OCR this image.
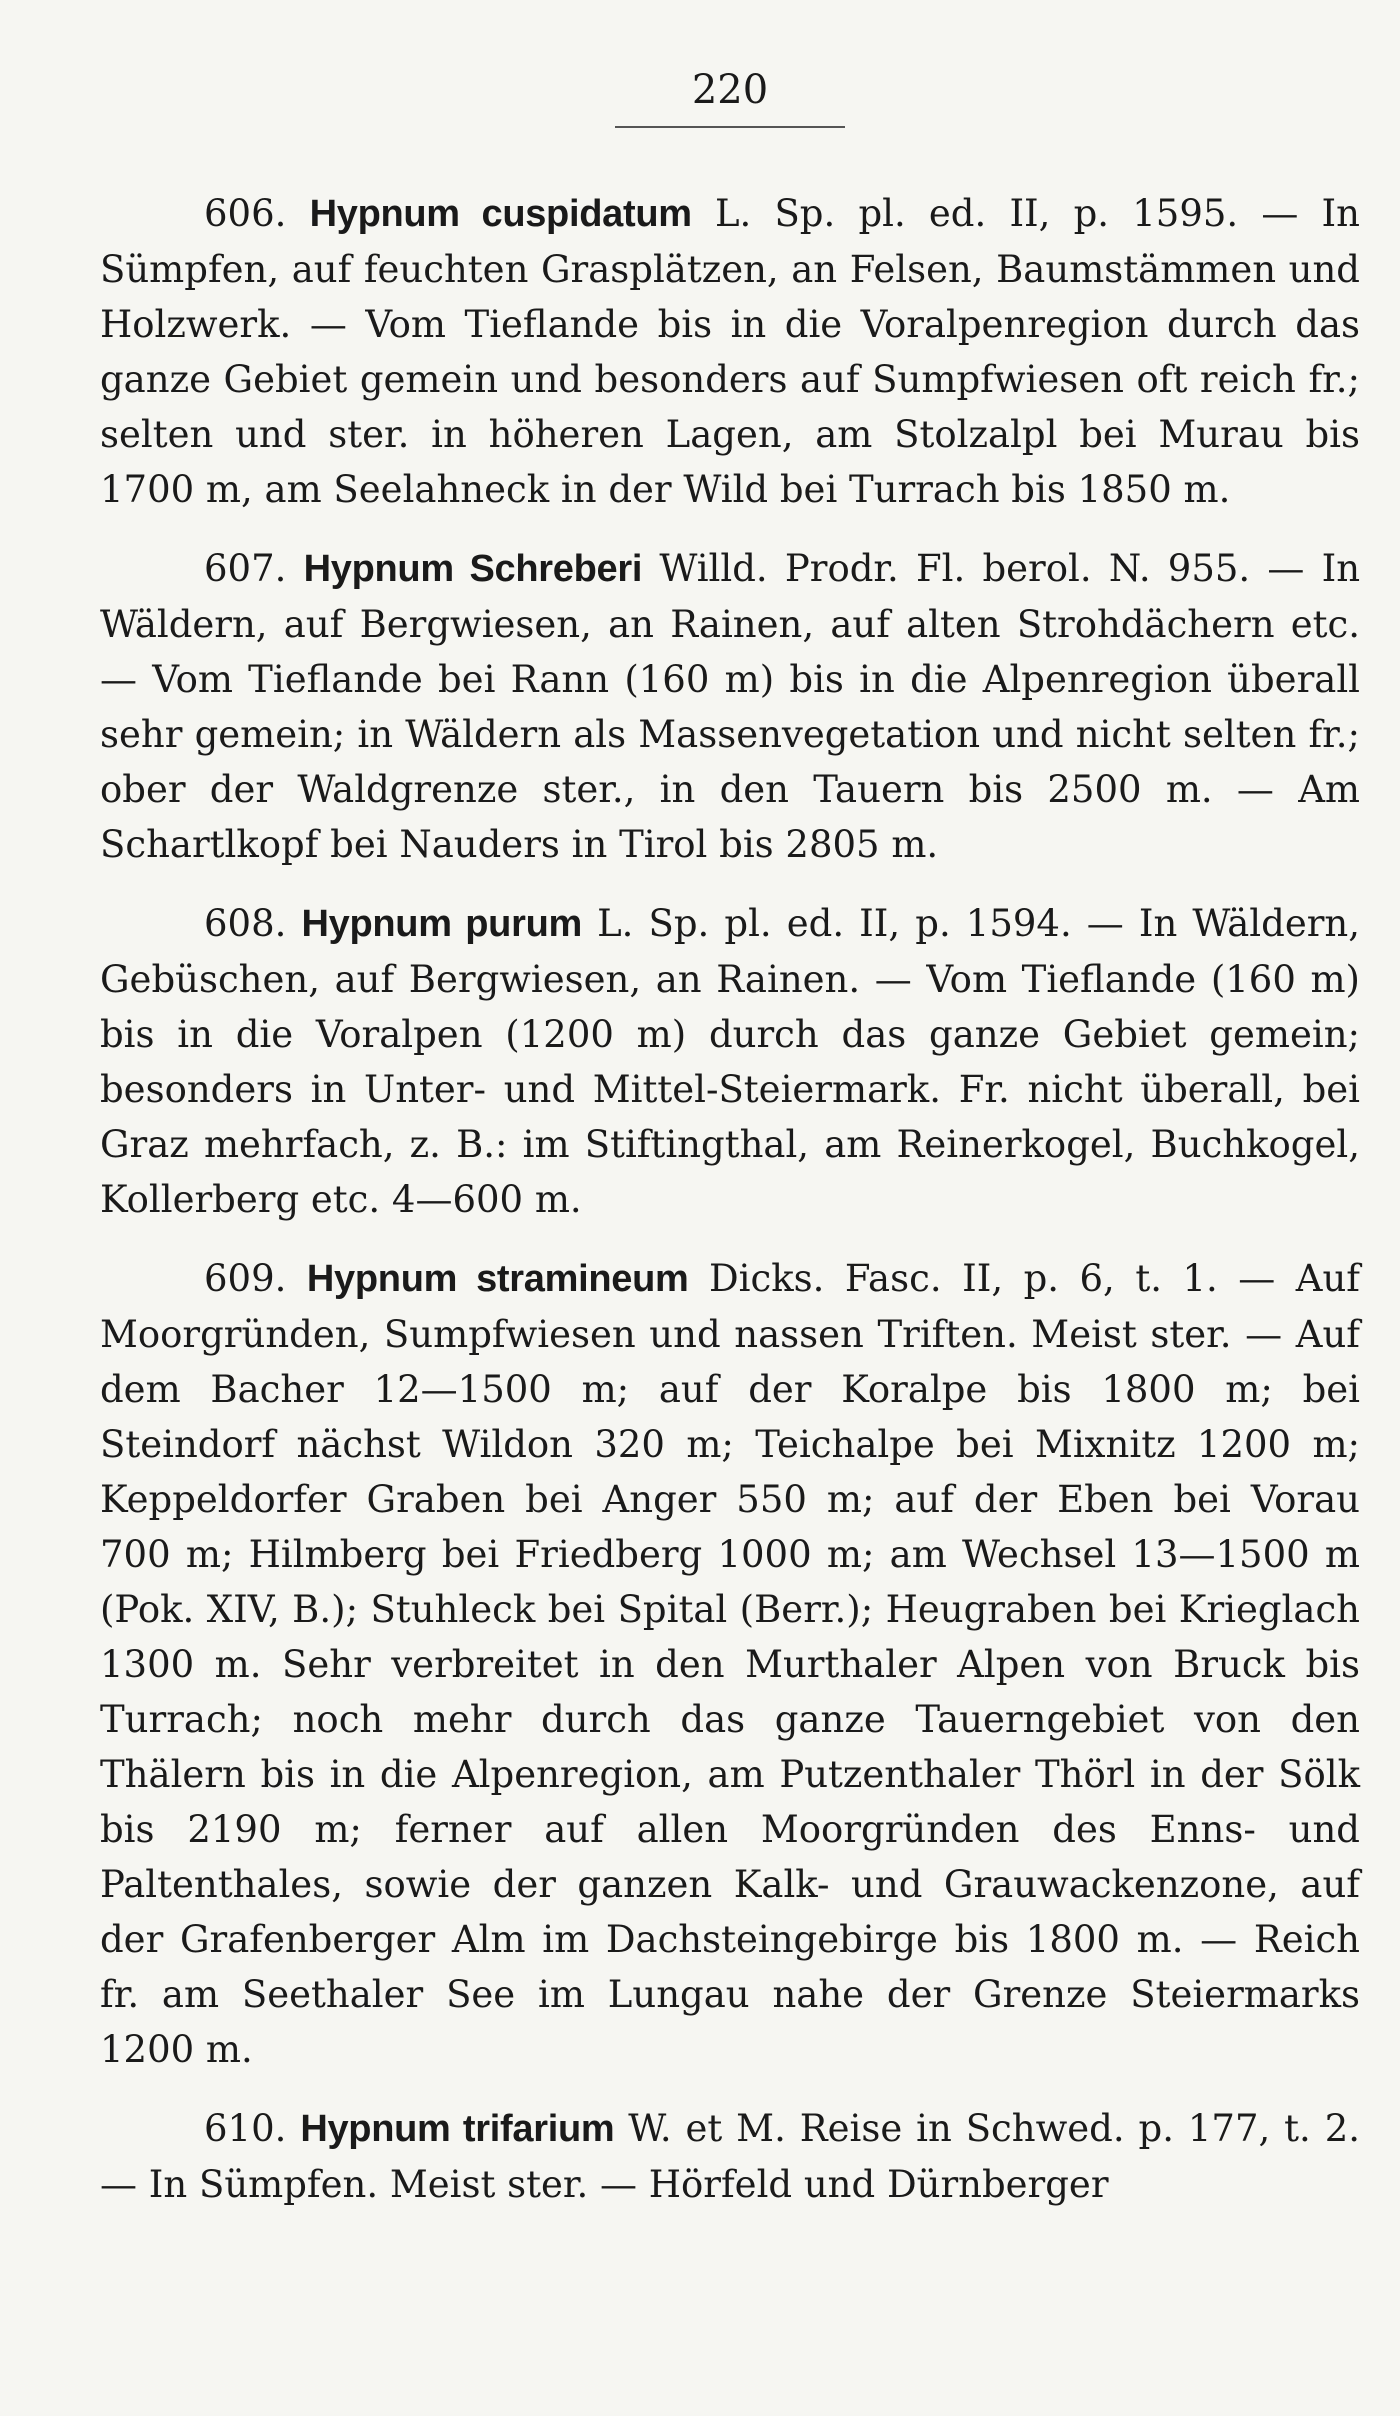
220

606. Hypnum cuspidatum L. Sp. pl. ed. II, p. 1595. — In Sümpfen, auf feuchten Grasplätzen, an Felsen, Baumstämmen und Holzwerk. — Vom Tieflande bis in die Voralpenregion durch das ganze Gebiet gemein und besonders auf Sumpfwiesen oft reich fr.; selten und ster. in höheren Lagen, am Stolzalpl bei Murau bis 1700 m, am Seelahneck in der Wild bei Turrach bis 1850 m.

607. Hypnum Schreberi Willd. Prodr. Fl. berol. N. 955. — In Wäldern, auf Bergwiesen, an Rainen, auf alten Strohdächern etc. — Vom Tieflande bei Rann (160 m) bis in die Alpenregion überall sehr gemein; in Wäldern als Massenvegetation und nicht selten fr.; ober der Waldgrenze ster., in den Tauern bis 2500 m. — Am Schartlkopf bei Nauders in Tirol bis 2805 m.

608. Hypnum purum L. Sp. pl. ed. II, p. 1594. — In Wäldern, Gebüschen, auf Bergwiesen, an Rainen. — Vom Tieflande (160 m) bis in die Voralpen (1200 m) durch das ganze Gebiet gemein; besonders in Unter- und Mittel-Steiermark. Fr. nicht überall, bei Graz mehrfach, z. B.: im Stiftingthal, am Reinerkogel, Buchkogel, Kollerberg etc. 4—600 m.

609. Hypnum stramineum Dicks. Fasc. II, p. 6, t. 1. — Auf Moorgründen, Sumpfwiesen und nassen Triften. Meist ster. — Auf dem Bacher 12—1500 m; auf der Koralpe bis 1800 m; bei Steindorf nächst Wildon 320 m; Teichalpe bei Mixnitz 1200 m; Keppeldorfer Graben bei Anger 550 m; auf der Eben bei Vorau 700 m; Hilmberg bei Friedberg 1000 m; am Wechsel 13—1500 m (Pok. XIV, B.); Stuhleck bei Spital (Berr.); Heugraben bei Krieglach 1300 m. Sehr verbreitet in den Murthaler Alpen von Bruck bis Turrach; noch mehr durch das ganze Tauerngebiet von den Thälern bis in die Alpenregion, am Putzenthaler Thörl in der Sölk bis 2190 m; ferner auf allen Moorgründen des Enns- und Paltenthales, sowie der ganzen Kalk- und Grauwackenzone, auf der Grafenberger Alm im Dachsteingebirge bis 1800 m. — Reich fr. am Seethaler See im Lungau nahe der Grenze Steiermarks 1200 m.

610. Hypnum trifarium W. et M. Reise in Schwed. p. 177, t. 2. — In Sümpfen. Meist ster. — Hörfeld und Dürnberger
